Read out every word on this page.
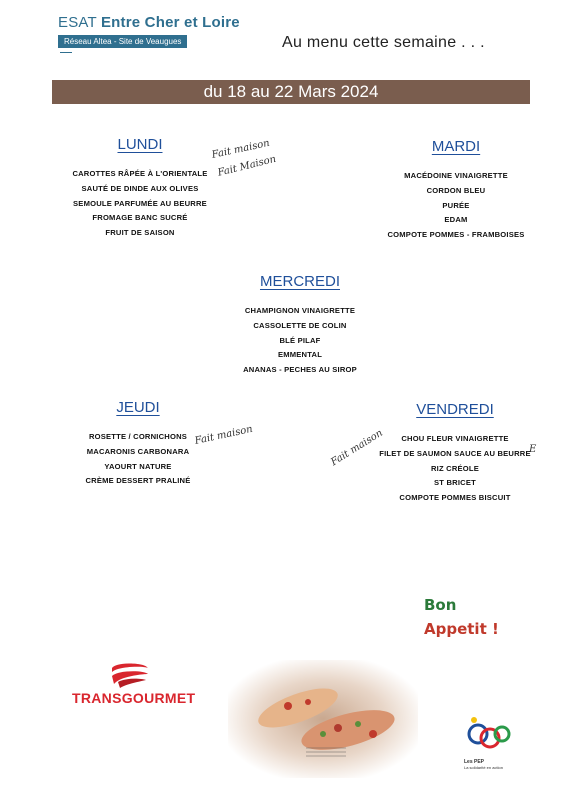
ESAT Entre Cher et Loire
Réseau Altea - Site de Veaugues	Au menu cette semaine . . .
du 18 au 22 Mars 2024
LUNDI
CAROTTES RÂPÉE À L'ORIENTALE
SAUTÉ DE DINDE AUX OLIVES
SEMOULE PARFUMÉE AU BEURRE
FROMAGE BANC SUCRÉ
FRUIT DE SAISON
MARDI
MACÉDOINE VINAIGRETTE
CORDON BLEU
PURÉE
EDAM
COMPOTE POMMES - FRAMBOISES
MERCREDI
CHAMPIGNON VINAIGRETTE
CASSOLETTE DE COLIN
BLÉ PILAF
EMMENTAL
ANANAS - PECHES AU SIROP
JEUDI
ROSETTE / CORNICHONS
MACARONIS CARBONARA
YAOURT NATURE
CRÈME DESSERT PRALINÉ
VENDREDI
CHOU FLEUR VINAIGRETTE
FILET DE SAUMON SAUCE AU BEURRE
RIZ CRÉOLE
ST BRICET
COMPOTE POMMES BISCUIT
Fait maison
Fait Maison
Fait maison	Fait maison	E
Bon
Appetit !
TRANSGOURMET
Les PEP
La solidarité en action
